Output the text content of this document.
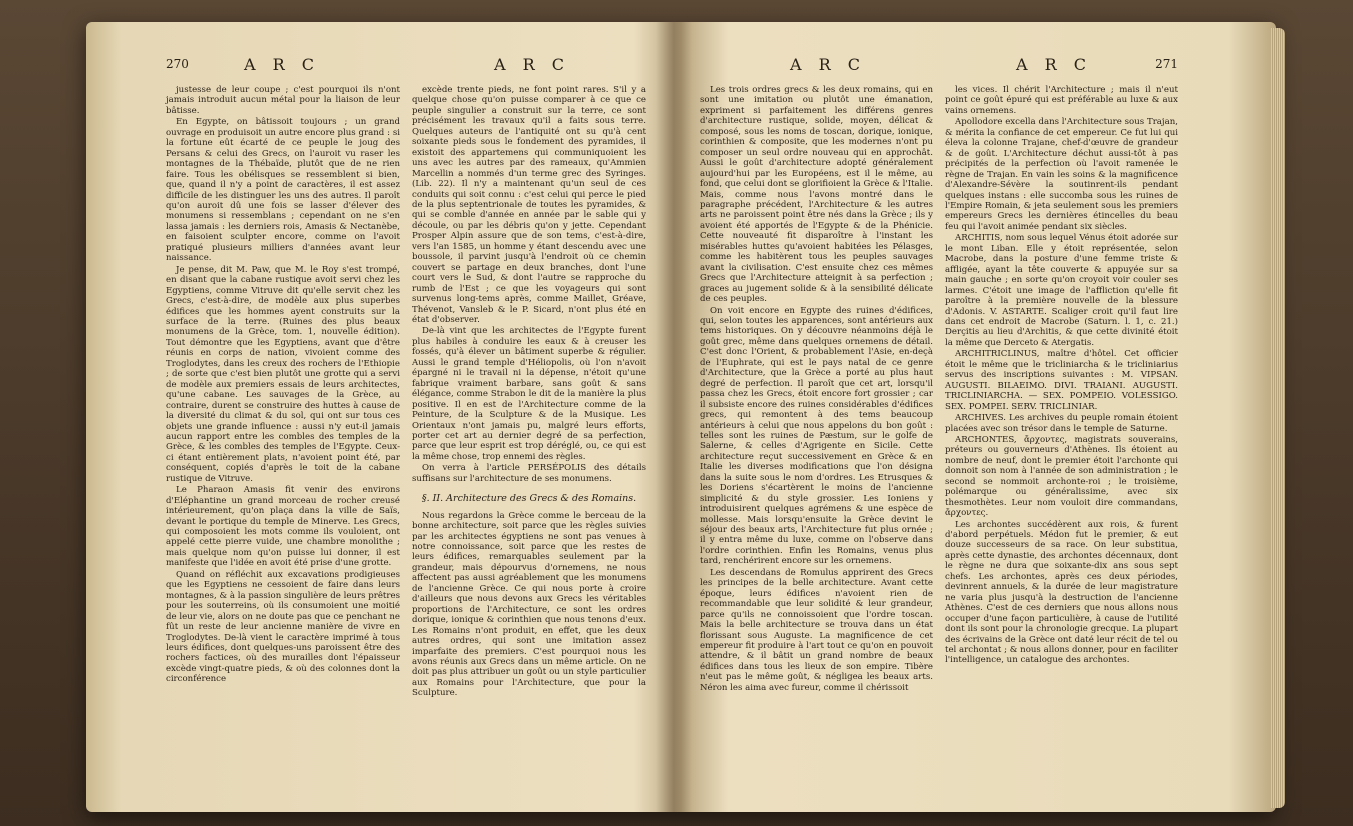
270	A R C	A R C

justesse de leur coupe ; c'est pourquoi ils n'ont jamais introduit aucun métal pour la liaison de leur bâtisse.

En Egypte, on bâtissoit toujours ; un grand ouvrage en produisoit un autre encore plus grand : si la fortune eût écarté de ce peuple le joug des Persans & celui des Grecs, on l'auroit vu raser les montagnes de la Thébaïde, plutôt que de ne rien faire. Tous les obélisques se ressemblent si bien, que, quand il n'y a point de caractères, il est assez difficile de les distinguer les uns des autres. Il paroît qu'on auroit dû une fois se lasser d'élever des monumens si ressemblans ; cependant on ne s'en lassa jamais : les derniers rois, Amasis & Nectanèbe, en faisoient sculpter encore, comme on l'avoit pratiqué plusieurs milliers d'années avant leur naissance.

Je pense, dit M. Paw, que M. le Roy s'est trompé, en disant que la cabane rustique avoit servi chez les Egyptiens, comme Vitruve dit qu'elle servit chez les Grecs, c'est-à-dire, de modèle aux plus superbes édifices que les hommes ayent construits sur la surface de la terre. (Ruines des plus beaux monumens de la Grèce, tom. 1, nouvelle édition). Tout démontre que les Egyptiens, avant que d'être réunis en corps de nation, vivoient comme des Troglodytes, dans les creux des rochers de l'Ethiopie ; de sorte que c'est bien plutôt une grotte qui a servi de modèle aux premiers essais de leurs architectes, qu'une cabane. Les sauvages de la Grèce, au contraire, durent se construire des huttes à cause de la diversité du climat & du sol, qui ont sur tous ces objets une grande influence : aussi n'y eut-il jamais aucun rapport entre les combles des temples de la Grèce, & les combles des temples de l'Egypte. Ceux-ci étant entièrement plats, n'avoient point été, par conséquent, copiés d'après le toit de la cabane rustique de Vitruve.

Le Pharaon Amasis fit venir des environs d'Eléphantine un grand morceau de rocher creusé intérieurement, qu'on plaça dans la ville de Saïs, devant le portique du temple de Minerve. Les Grecs, qui composoient les mots comme ils vouloient, ont appelé cette pierre vuide, une chambre monolithe ; mais quelque nom qu'on puisse lui donner, il est manifeste que l'idée en avoit été prise d'une grotte.

Quand on réfléchit aux excavations prodigieuses que les Egyptiens ne cessoient de faire dans leurs montagnes, & à la passion singulière de leurs prêtres pour les souterreins, où ils consumoient une moitié de leur vie, alors on ne doute pas que ce penchant ne fût un reste de leur ancienne manière de vivre en Troglodytes. De-là vient le caractère imprimé à tous leurs édifices, dont quelques-uns paroissent être des rochers factices, où des murailles dont l'épaisseur excède vingt-quatre pieds, & où des colonnes dont la circonférence

excède trente pieds, ne font point rares. S'il y a quelque chose qu'on puisse comparer à ce que ce peuple singulier a construit sur la terre, ce sont précisément les travaux qu'il a faits sous terre. Quelques auteurs de l'antiquité ont su qu'à cent soixante pieds sous le fondement des pyramides, il existoit des appartemens qui communiquoient les uns avec les autres par des rameaux, qu'Ammien Marcellin a nommés d'un terme grec des Syringes. (Lib. 22). Il n'y a maintenant qu'un seul de ces conduits qui soit connu : c'est celui qui perce le pied de la plus septentrionale de toutes les pyramides, & qui se comble d'année en année par le sable qui y découle, ou par les débris qu'on y jette. Cependant Prosper Alpin assure que de son tems, c'est-à-dire, vers l'an 1585, un homme y étant descendu avec une boussole, il parvint jusqu'à l'endroit où ce chemin couvert se partage en deux branches, dont l'une court vers le Sud, & dont l'autre se rapproche du rumb de l'Est ; ce que les voyageurs qui sont survenus long-tems après, comme Maillet, Gréave, Thévenot, Vansleb & le P. Sicard, n'ont plus été en état d'observer.

De-là vint que les architectes de l'Egypte furent plus habiles à conduire les eaux & à creuser les fossés, qu'à élever un bâtiment superbe & régulier. Aussi le grand temple d'Héliopolis, où l'on n'avoit épargné ni le travail ni la dépense, n'étoit qu'une fabrique vraiment barbare, sans goût & sans élégance, comme Strabon le dit de la manière la plus positive. Il en est de l'Architecture comme de la Peinture, de la Sculpture & de la Musique. Les Orientaux n'ont jamais pu, malgré leurs efforts, porter cet art au dernier degré de sa perfection, parce que leur esprit est trop déréglé, ou, ce qui est la même chose, trop ennemi des règles.

On verra à l'article PERSÉPOLIS des détails suffisans sur l'architecture de ses monumens.

§. II. Architecture des Grecs & des Romains.

Nous regardons la Grèce comme le berceau de la bonne architecture, soit parce que les règles suivies par les architectes égyptiens ne sont pas venues à notre connoissance, soit parce que les restes de leurs édifices, remarquables seulement par la grandeur, mais dépourvus d'ornemens, ne nous affectent pas aussi agréablement que les monumens de l'ancienne Grèce. Ce qui nous porte à croire d'ailleurs que nous devons aux Grecs les véritables proportions de l'Architecture, ce sont les ordres dorique, ionique & corinthien que nous tenons d'eux. Les Romains n'ont produit, en effet, que les deux autres ordres, qui sont une imitation assez imparfaite des premiers. C'est pourquoi nous les avons réunis aux Grecs dans un même article. On ne doit pas plus attribuer un goût ou un style particulier aux Romains pour l'Architecture, que pour la Sculpture.

A R C	A R C	271

Les trois ordres grecs & les deux romains, qui en sont une imitation ou plutôt une émanation, expriment si parfaitement les différens genres d'architecture rustique, solide, moyen, délicat & composé, sous les noms de toscan, dorique, ionique, corinthien & composite, que les modernes n'ont pu composer un seul ordre nouveau qui en approchât. Aussi le goût d'architecture adopté généralement aujourd'hui par les Européens, est il le même, au fond, que celui dont se glorifioient la Grèce & l'Italie. Mais, comme nous l'avons montré dans le paragraphe précédent, l'Architecture & les autres arts ne paroissent point être nés dans la Grèce ; ils y avoient été apportés de l'Egypte & de la Phénicie. Cette nouveauté fit disparoître à l'instant les misérables huttes qu'avoient habitées les Pélasges, comme les habitèrent tous les peuples sauvages avant la civilisation. C'est ensuite chez ces mêmes Grecs que l'Architecture atteignit à sa perfection ; graces au jugement solide & à la sensibilité délicate de ces peuples.

On voit encore en Egypte des ruines d'édifices, qui, selon toutes les apparences, sont antérieurs aux tems historiques. On y découvre néanmoins déjà le goût grec, même dans quelques ornemens de détail. C'est donc l'Orient, & probablement l'Asie, en-deçà de l'Euphrate, qui est le pays natal de ce genre d'Architecture, que la Grèce a porté au plus haut degré de perfection. Il paroît que cet art, lorsqu'il passa chez les Grecs, étoit encore fort grossier ; car il subsiste encore des ruines considérables d'édifices grecs, qui remontent à des tems beaucoup antérieurs à celui que nous appelons du bon goût : telles sont les ruines de Pæstum, sur le golfe de Salerne, & celles d'Agrigente en Sicile. Cette architecture reçut successivement en Grèce & en Italie les diverses modifications que l'on désigna dans la suite sous le nom d'ordres. Les Etrusques & les Doriens s'écartèrent le moins de l'ancienne simplicité & du style grossier. Les Ioniens y introduisirent quelques agrémens & une espèce de mollesse. Mais lorsqu'ensuite la Grèce devint le séjour des beaux arts, l'Architecture fut plus ornée ; il y entra même du luxe, comme on l'observe dans l'ordre corinthien. Enfin les Romains, venus plus tard, renchérirent encore sur les ornemens.

Les descendans de Romulus apprirent des Grecs les principes de la belle architecture. Avant cette époque, leurs édifices n'avoient rien de recommandable que leur solidité & leur grandeur, parce qu'ils ne connoissoient que l'ordre toscan. Mais la belle architecture se trouva dans un état florissant sous Auguste. La magnificence de cet empereur fit produire à l'art tout ce qu'on en pouvoit attendre, & il bâtit un grand nombre de beaux édifices dans tous les lieux de son empire. Tibère n'eut pas le même goût, & négligea les beaux arts. Néron les aima avec fureur, comme il chérissoit

les vices. Il chérit l'Architecture ; mais il n'eut point ce goût épuré qui est préférable au luxe & aux vains ornemens.

Apollodore excella dans l'Architecture sous Trajan, & mérita la confiance de cet empereur. Ce fut lui qui éleva la colonne Trajane, chef-d'œuvre de grandeur & de goût. L'Architecture déchut aussi-tôt à pas précipités de la perfection où l'avoit ramenée le règne de Trajan. En vain les soins & la magnificence d'Alexandre-Sévère la soutinrent-ils pendant quelques instans : elle succomba sous les ruines de l'Empire Romain, & jeta seulement sous les premiers empereurs Grecs les dernières étincelles du beau feu qui l'avoit animée pendant six siècles.

ARCHITIS, nom sous lequel Vénus étoit adorée sur le mont Liban. Elle y étoit représentée, selon Macrobe, dans la posture d'une femme triste & affligée, ayant la tête couverte & appuyée sur sa main gauche ; en sorte qu'on croyoit voir couler ses larmes. C'étoit une image de l'affliction qu'elle fit paroître à la première nouvelle de la blessure d'Adonis. V. ASTARTE. Scaliger croit qu'il faut lire dans cet endroit de Macrobe (Saturn. l. 1, c. 21.) Derçitis au lieu d'Architis, & que cette divinité étoit la même que Derceto & Atergatis.

ARCHITRICLINUS, maître d'hôtel. Cet officier étoit le même que le tricliniarcha & le tricliniarius servus des inscriptions suivantes : M. VIPSAN. AUGUSTI. BILAEIMO. DIVI. TRAIANI. AUGUSTI. TRICLINIARCHA. — SEX. POMPEIO. VOLESSIGO. SEX. POMPEI. SERV. TRICLINIAR.

ARCHIVES. Les archives du peuple romain étoient placées avec son trésor dans le temple de Saturne.

ARCHONTES, ἄρχοντες, magistrats souverains, préteurs ou gouverneurs d'Athènes. Ils étoient au nombre de neuf, dont le premier étoit l'archonte qui donnoit son nom à l'année de son administration ; le second se nommoit archonte-roi ; le troisième, polémarque ou généralissime, avec six thesmothètes. Leur nom vouloit dire commandans, ἄρχοντες.

Les archontes succédèrent aux rois, & furent d'abord perpétuels. Médon fut le premier, & eut douze successeurs de sa race. On leur substitua, après cette dynastie, des archontes décennaux, dont le règne ne dura que soixante-dix ans sous sept chefs. Les archontes, après ces deux périodes, devinrent annuels, & la durée de leur magistrature ne varia plus jusqu'à la destruction de l'ancienne Athènes. C'est de ces derniers que nous allons nous occuper d'une façon particulière, à cause de l'utilité dont ils sont pour la chronologie grecque. La plupart des écrivains de la Grèce ont daté leur récit de tel ou tel archontat ; & nous allons donner, pour en faciliter l'intelligence, un catalogue des archontes.
